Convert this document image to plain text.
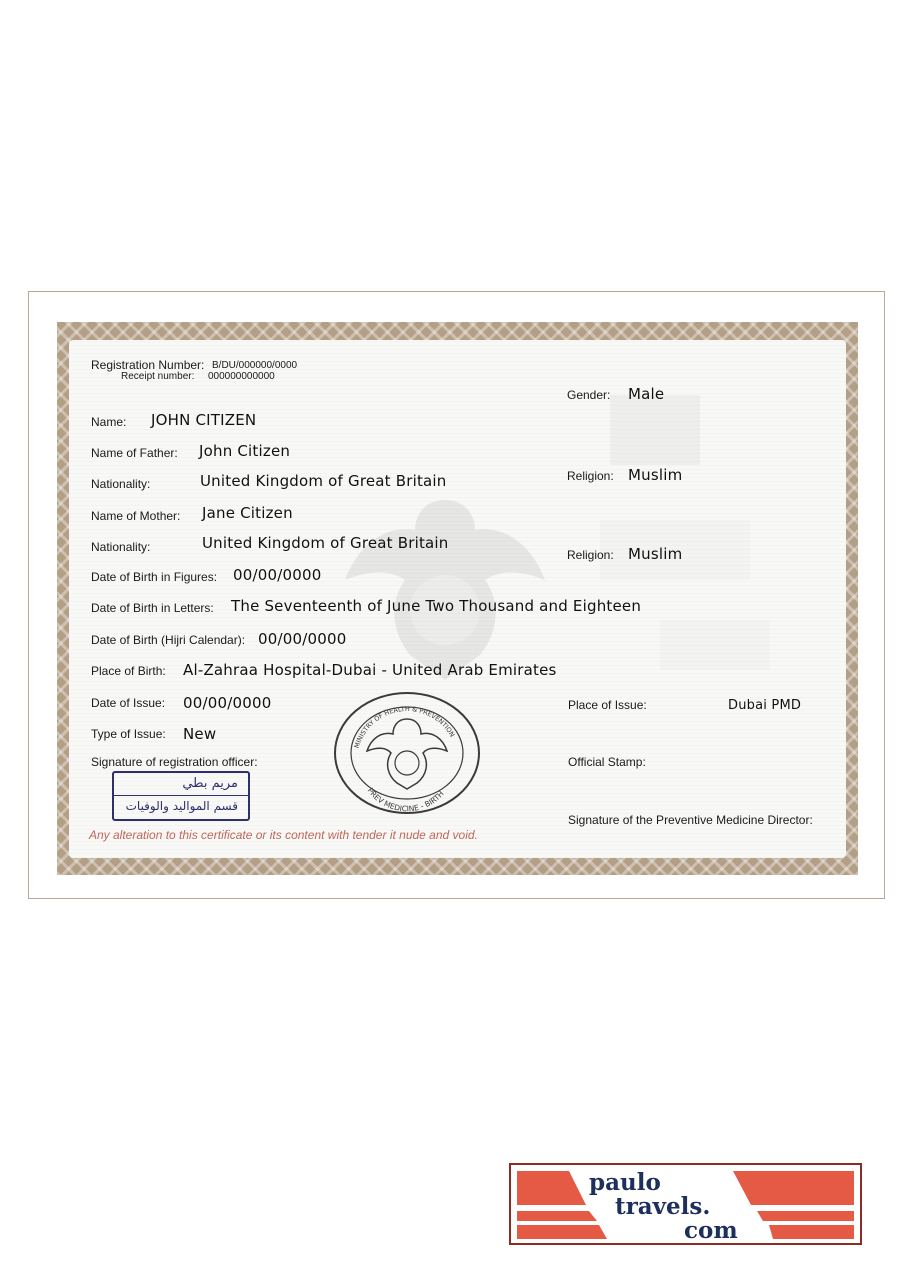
Registration Number: B/DU/000000/0000
Receipt number: 000000000000
Gender: Male
Name: JOHN CITIZEN
Name of Father: John Citizen
Nationality:	United Kingdom of Great Britain	Religion: Muslim
Name of Mother: Jane Citizen
Nationality:	United Kingdom of Great Britain
Religion: Muslim
Date of Birth in Figures: 00/00/0000
Date of Birth in Letters: The Seventeenth of June Two Thousand and Eighteen
Date of Birth (Hijri Calendar): 00/00/0000
Place of Birth: Al-Zahraa Hospital-Dubai - United Arab Emirates
Date of Issue: 00/00/0000	Place of Issue:	Dubai PMD
Type of Issue: New
Signature of registration officer:	Official Stamp:
Signature of the Preventive Medicine Director:
مريم بطي
قسم المواليد والوفيات
MINISTRY OF HEALTH & PREVENTION
PREV MEDICINE - BIRTH
Any alteration to this certificate or its content with tender it nude and void.
paulo
travels.
com
